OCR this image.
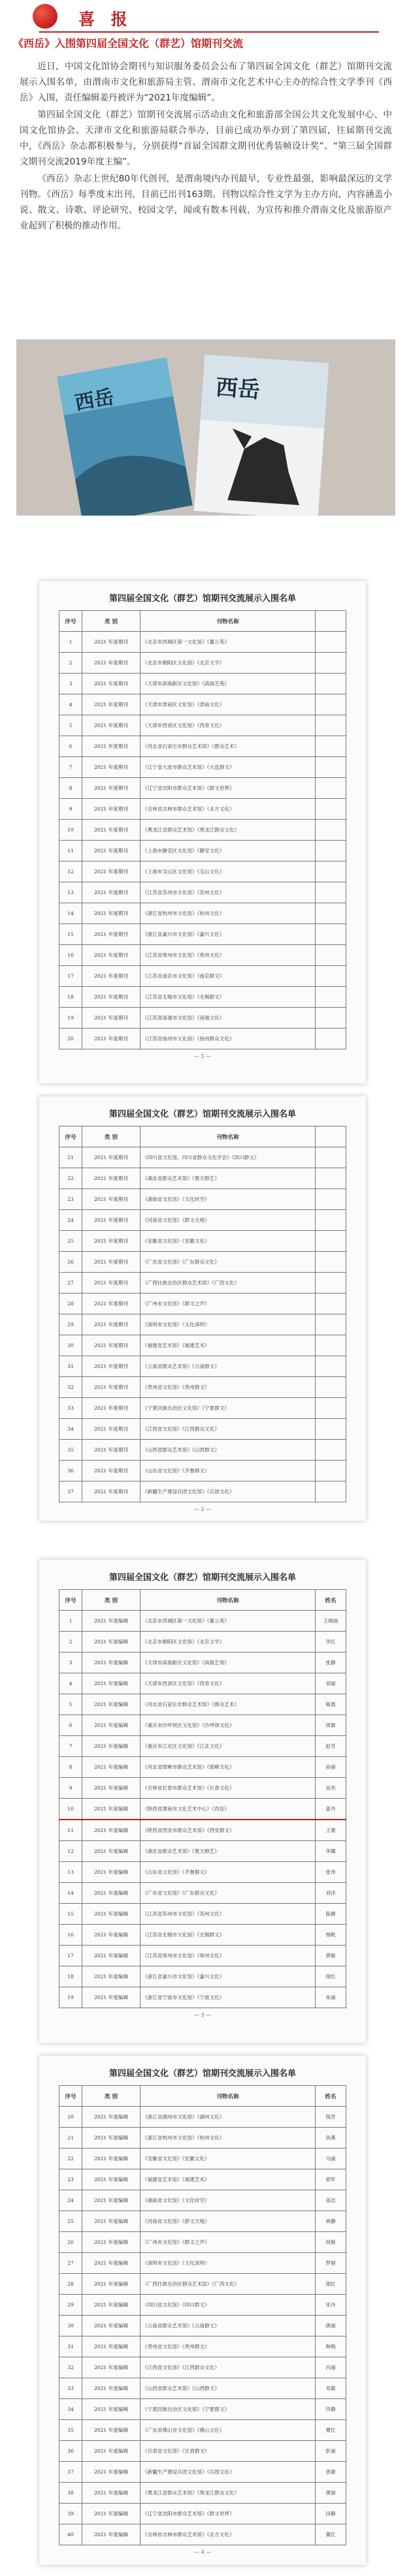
喜 报
《西岳》入围第四届全国文化（群艺）馆期刊交流

近日，中国文化馆协会期刊与知识服务委员会公布了第四届全国文化（群艺）馆期刊交流展示入围名单，由渭南市文化和旅游局主管、渭南市文化艺术中心主办的综合性文学季刊《西岳》入围，责任编辑姜丹被评为“2021年度编辑”。

第四届全国文化（群艺）馆期刊交流展示活动由文化和旅游部全国公共文化发展中心、中国文化馆协会、天津市文化和旅游局联合举办，目前已成功举办到了第四届，往届期刊交流中，《西岳》杂志都积极参与，分别获得“首届全国群文期刊优秀装帧设计奖”、“第三届全国群文期刊交流2019年度主编”。

《西岳》杂志上世纪80年代创刊，是渭南境内办刊最早，专业性最强，影响最深远的文学刊物。《西岳》每季度末出刊，目前已出刊163期。刊物以综合性文学为主办方向，内容涵盖小说、散文、诗歌、评论研究、校园文学，闻或有数本刊载，为宣传和推介渭南文化及旅游原产业起到了积极的推动作用。

西岳	西岳
第四届全国文化（群艺）馆期刊交流展示入围名单
序号	类 别	刊物名称	
1	2021 年度期刊	《北京市西城区第一文化馆》《蔓公英》	
2	2021 年度期刊	《北京市朝阳区文化馆》《北京文学》	
3	2021 年度期刊	《天津市滨海新区文化馆》《滨海艺苑》	
4	2021 年度期刊	《天津市津南区文化馆》《津南文化》	
5	2021 年度期刊	《天津市西青区文化馆》《西青文化》	
6	2021 年度期刊	《河北省石家庄市群众艺术馆》《群众艺术》	
7	2021 年度期刊	《辽宁省大连市群众艺术馆》《大连群文》	
8	2021 年度期刊	《辽宁省沈阳市群众艺术馆》《群文世界》	
9	2021 年度期刊	《吉林省吉林市群众艺术馆》《北方文化》	
10	2021 年度期刊	《黑龙江省群众艺术馆》《黑龙江群众文化》	
11	2021 年度期刊	《上海市静安区文化馆》《静安文化》	
12	2021 年度期刊	《上海市宝山区文化馆》《宝山文化》	
13	2021 年度期刊	《江苏省苏州市文化馆》《苏州文化》	
14	2021 年度期刊	《浙江省杭州市文化馆》《杭州文化》	
15	2021 年度期刊	《浙江省嘉兴市文化馆》《嘉兴文化》	
16	2021 年度期刊	《江苏省常州市文化馆》《常州文化》	
17	2021 年度期刊	《江苏省南京市文化馆》《南京群文》	
18	2021 年度期刊	《江苏省无锡市文化馆》《无锡群文》	
19	2021 年度期刊	《江苏省南通市文化馆》《南通文化》	
20	2021 年度期刊	《江苏省扬州市文化馆》《扬州群众文化》	
— 1 —
第四届全国文化（群艺）馆期刊交流展示入围名单
序号	类 别	刊物名称	
21	2021 年度期刊	《四川省文化馆、四川省群众文化学会》《四川群文》	
22	2021 年度期刊	《湖北省群众艺术馆》《楚天群艺》	
23	2021 年度期刊	《湖南省文化馆》《文化时空》	
24	2021 年度期刊	《河南省文化馆》《群文天地》	
25	2021 年度期刊	《安徽省文化馆》《安徽文化》	
26	2021 年度期刊	《广东省文化馆》《广东群众文化》	
27	2021 年度期刊	《广西壮族自治区群众艺术馆》《广西文化》	
28	2021 年度期刊	《广州市文化馆》《群文之声》	
29	2021 年度期刊	《深圳市文化馆》《文化深圳》	
30	2021 年度期刊	《福建省艺术馆》《福建艺术》	
31	2021 年度期刊	《云南省群众艺术馆》《云南群文》	
32	2021 年度期刊	《贵州省文化馆》《贵州群文》	
33	2021 年度期刊	《宁夏回族自治区文化馆》《宁夏群文》	
34	2021 年度期刊	《江西省文化馆》《江西群众文化》	
35	2021 年度期刊	《山西省群众艺术馆》《山西群文》	
36	2021 年度期刊	《山东省文化馆》《齐鲁群文》	
37	2021 年度期刊	《新疆生产建设兵团文化馆》《兵团文化》	
— 2 —
第四届全国文化（群艺）馆期刊交流展示入围名单
序号	类 别	刊物名称	姓名
1	2021 年度编辑	《北京市西城区第一文化馆》《蔓公英》	王晓丽
2	2021 年度编辑	《北京市朝阳区文化馆》《北京文学》	李红
3	2021 年度编辑	《天津市滨海新区文化馆》《滨海艺苑》	张静
4	2021 年度编辑	《天津市西青区文化馆》《西青文化》	刘丽
5	2021 年度编辑	《河北省石家庄市群众艺术馆》《群众艺术》	陈晨
6	2021 年度编辑	《重庆市沙坪坝区文化馆》《沙坪坝文化》	周敏
7	2021 年度编辑	《重庆市江北区文化馆》《江北文化》	赵芳
8	2021 年度编辑	《河北省邯郸市群众艺术馆》《邯郸文化》	孙丽
9	2021 年度编辑	《吉林省长春市群众艺术馆》《长春文化》	吴杰
10	2021 年度编辑	《陕西省渭南市文化艺术中心》《西岳》	姜丹
11	2021 年度编辑	《陕西省西安市群众艺术馆》《西安群文》	王蕾
12	2021 年度编辑	《湖北省群众艺术馆》《楚天群艺》	李娜
13	2021 年度编辑	《山东省文化馆》《齐鲁群文》	张伟
14	2021 年度编辑	《广东省文化馆》《广东群众文化》	刘洋
15	2021 年度编辑	《江苏省苏州市文化馆》《苏州文化》	陈静
16	2021 年度编辑	《江苏省无锡市文化馆》《无锡群文》	杨帆
17	2021 年度编辑	《江苏省常州市文化馆》《常州文化》	黄敏
18	2021 年度编辑	《浙江省嘉兴市文化馆》《嘉兴文化》	徐红
19	2021 年度编辑	《浙江省宁波市文化馆》《宁波文化》	朱丽
— 3 —
第四届全国文化（群艺）馆期刊交流展示入围名单
序号	类 别	刊物名称	姓名
20	2021 年度编辑	《浙江省湖州市文化馆》《湖州文化》	钱芳
21	2021 年度编辑	《浙江省杭州市文化馆》《杭州文化》	孙燕
22	2021 年度编辑	《安徽省文化馆》《安徽文化》	马丽
23	2021 年度编辑	《福建省艺术馆》《福建艺术》	胡军
24	2021 年度编辑	《湖南省文化馆》《文化时空》	高洁
25	2021 年度编辑	《河南省文化馆》《群文天地》	林静
26	2021 年度编辑	《广州市文化馆》《群文之声》	何敏
27	2021 年度编辑	《深圳市文化馆》《文化深圳》	罗娟
28	2021 年度编辑	《广西壮族自治区群众艺术馆》《广西文化》	梁红
29	2021 年度编辑	《四川省文化馆》《四川群文》	宋丹
30	2021 年度编辑	《云南省群众艺术馆》《云南群文》	唐丽
31	2021 年度编辑	《贵州省文化馆》《贵州群文》	韩梅
32	2021 年度编辑	《江西省文化馆》《江西群众文化》	冯丽
33	2021 年度编辑	《山西省群众艺术馆》《山西群文》	邓敏
34	2021 年度编辑	《宁夏回族自治区文化馆》《宁夏群文》	许静
35	2021 年度编辑	《广东省佛山市文化馆》《佛山文化》	曹红
36	2021 年度编辑	《甘肃省文化馆》《甘肃群文》	彭丽
37	2021 年度编辑	《新疆生产建设兵团文化馆》《兵团文化》	曾敏
38	2021 年度编辑	《黑龙江省群众艺术馆》《黑龙江群众文化》	萧丽
39	2021 年度编辑	《辽宁省沈阳市群众艺术馆》《群文世界》	田静
40	2021 年度编辑	《吉林省吉林市群众艺术馆》《北方文化》	董红
— 4 —
